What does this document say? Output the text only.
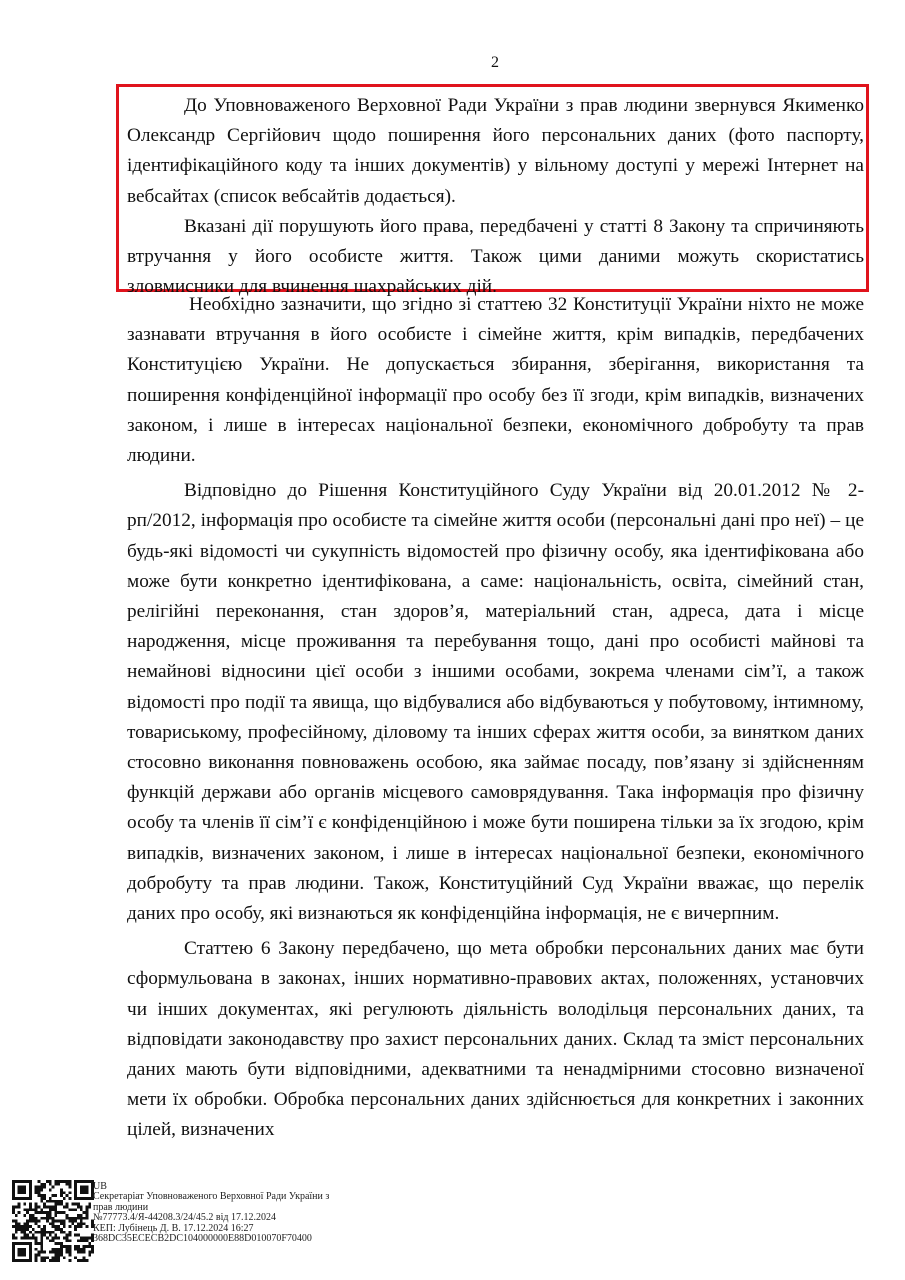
2

До Уповноваженого Верховної Ради України з прав людини звернувся Якименко Олександр Сергійович щодо поширення його персональних даних (фото паспорту, ідентифікаційного коду та інших документів) у вільному доступі у мережі Інтернет на вебсайтах (список вебсайтів додається).

Вказані дії порушують його права, передбачені у статті 8 Закону та спричиняють втручання у його особисте життя. Також цими даними можуть скористатись зловмисники для вчинення шахрайських дій.

Необхідно зазначити, що згідно зі статтею 32 Конституції України ніхто не може зазнавати втручання в його особисте і сімейне життя, крім випадків, передбачених Конституцією України. Не допускається збирання, зберігання, використання та поширення конфіденційної інформації про особу без її згоди, крім випадків, визначених законом, і лише в інтересах національної безпеки, економічного добробуту та прав людини.

Відповідно до Рішення Конституційного Суду України від 20.01.2012 № 2-рп/2012, інформація про особисте та сімейне життя особи (персональні дані про неї) – це будь-які відомості чи сукупність відомостей про фізичну особу, яка ідентифікована або може бути конкретно ідентифікована, а саме: національність, освіта, сімейний стан, релігійні переконання, стан здоров’я, матеріальний стан, адреса, дата і місце народження, місце проживання та перебування тощо, дані про особисті майнові та немайнові відносини цієї особи з іншими особами, зокрема членами сім’ї, а також відомості про події та явища, що відбувалися або відбуваються у побутовому, інтимному, товариському, професійному, діловому та інших сферах життя особи, за винятком даних стосовно виконання повноважень особою, яка займає посаду, пов’язану зі здійсненням функцій держави або органів місцевого самоврядування. Така інформація про фізичну особу та членів її сім’ї є конфіденційною і може бути поширена тільки за їх згодою, крім випадків, визначених законом, і лише в інтересах національної безпеки, економічного добробуту та прав людини. Також, Конституційний Суд України вважає, що перелік даних про особу, які визнаються як конфіденційна інформація, не є вичерпним.

Статтею 6 Закону передбачено, що мета обробки персональних даних має бути сформульована в законах, інших нормативно-правових актах, положеннях, установчих чи інших документах, які регулюють діяльність володільця персональних даних, та відповідати законодавству про захист персональних даних. Склад та зміст персональних даних мають бути відповідними, адекватними та ненадмірними стосовно визначеної мети їх обробки. Обробка персональних даних здійснюється для конкретних і законних цілей, визначених

UB
Секретаріат Уповноваженого Верховної Ради України з
прав людини
№77773.4/Я-44208.3/24/45.2 від 17.12.2024
КЕП: Лубінець Д. В. 17.12.2024 16:27
368DC35ECECB2DC104000000E88D010070F70400
